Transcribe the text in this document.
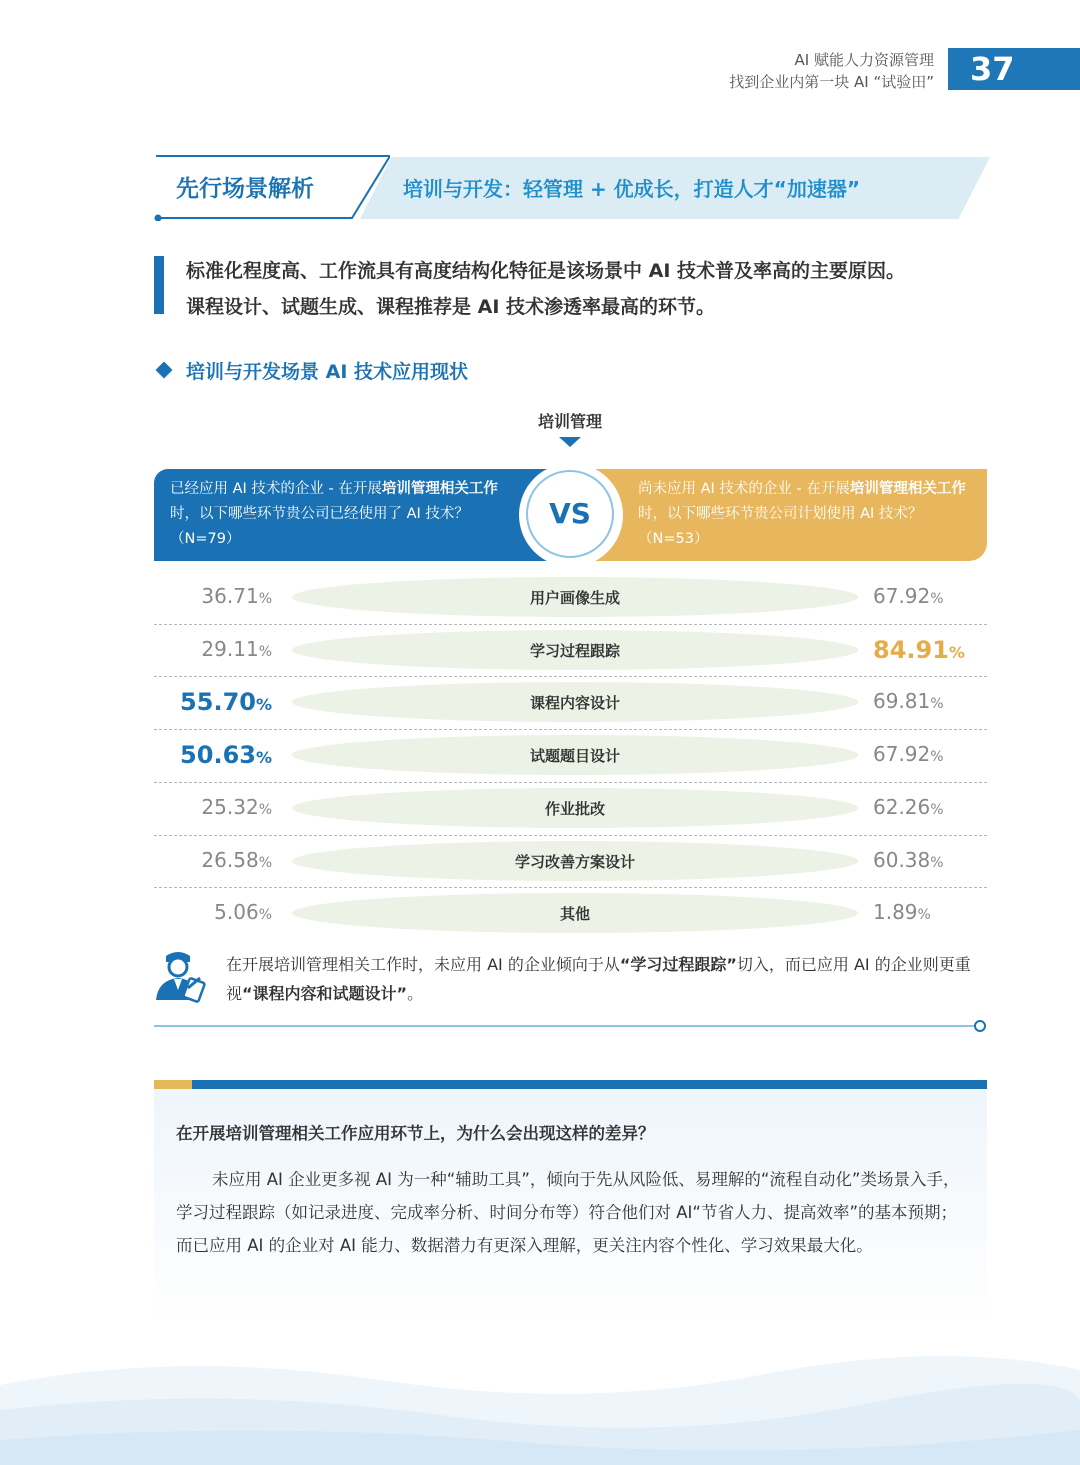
AI 赋能人力资源管理
找到企业内第一块 AI “试验田”	37
先行场景解析	培训与开发：轻管理 + 优成长，打造人才“加速器”
标准化程度高、工作流具有高度结构化特征是该场景中 AI 技术普及率高的主要原因。
课程设计、试题生成、课程推荐是 AI 技术渗透率最高的环节。
培训与开发场景 AI 技术应用现状
培训管理
已经应用 AI 技术的企业 - 在开展培训管理相关工作时，以下哪些环节贵公司已经使用了 AI 技术？（N=79）
尚未应用 AI 技术的企业 - 在开展培训管理相关工作时，以下哪些环节贵公司计划使用 AI 技术？（N=53）
VS
用户画像生成
36.71%	67.92%
学习过程跟踪
29.11%	84.91%
课程内容设计
55.70%	69.81%
试题题目设计
50.63%	67.92%
作业批改
25.32%	62.26%
学习改善方案设计
26.58%	60.38%
其他
5.06%	1.89%
在开展培训管理相关工作时，未应用 AI 的企业倾向于从“学习过程跟踪”切入，而已应用 AI 的企业则更重视“课程内容和试题设计”。
在开展培训管理相关工作应用环节上，为什么会出现这样的差异？
未应用 AI 企业更多视 AI 为一种“辅助工具”，倾向于先从风险低、易理解的“流程自动化”类场景入手，学习过程跟踪（如记录进度、完成率分析、时间分布等）符合他们对 AI“节省人力、提高效率”的基本预期；而已应用 AI 的企业对 AI 能力、数据潜力有更深入理解，更关注内容个性化、学习效果最大化。
